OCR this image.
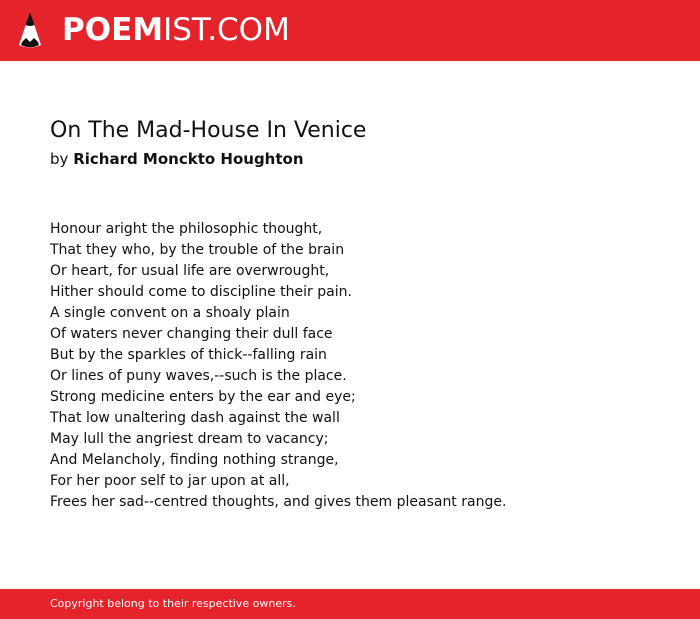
POEMIST.COM
On The Mad-House In Venice
by Richard Monckto Houghton
Honour aright the philosophic thought,
That they who, by the trouble of the brain
Or heart, for usual life are overwrought,
Hither should come to discipline their pain.
A single convent on a shoaly plain
Of waters never changing their dull face
But by the sparkles of thick--falling rain
Or lines of puny waves,--such is the place.
Strong medicine enters by the ear and eye;
That low unaltering dash against the wall
May lull the angriest dream to vacancy;
And Melancholy, finding nothing strange,
For her poor self to jar upon at all,
Frees her sad--centred thoughts, and gives them pleasant range.
Copyright belong to their respective owners.
